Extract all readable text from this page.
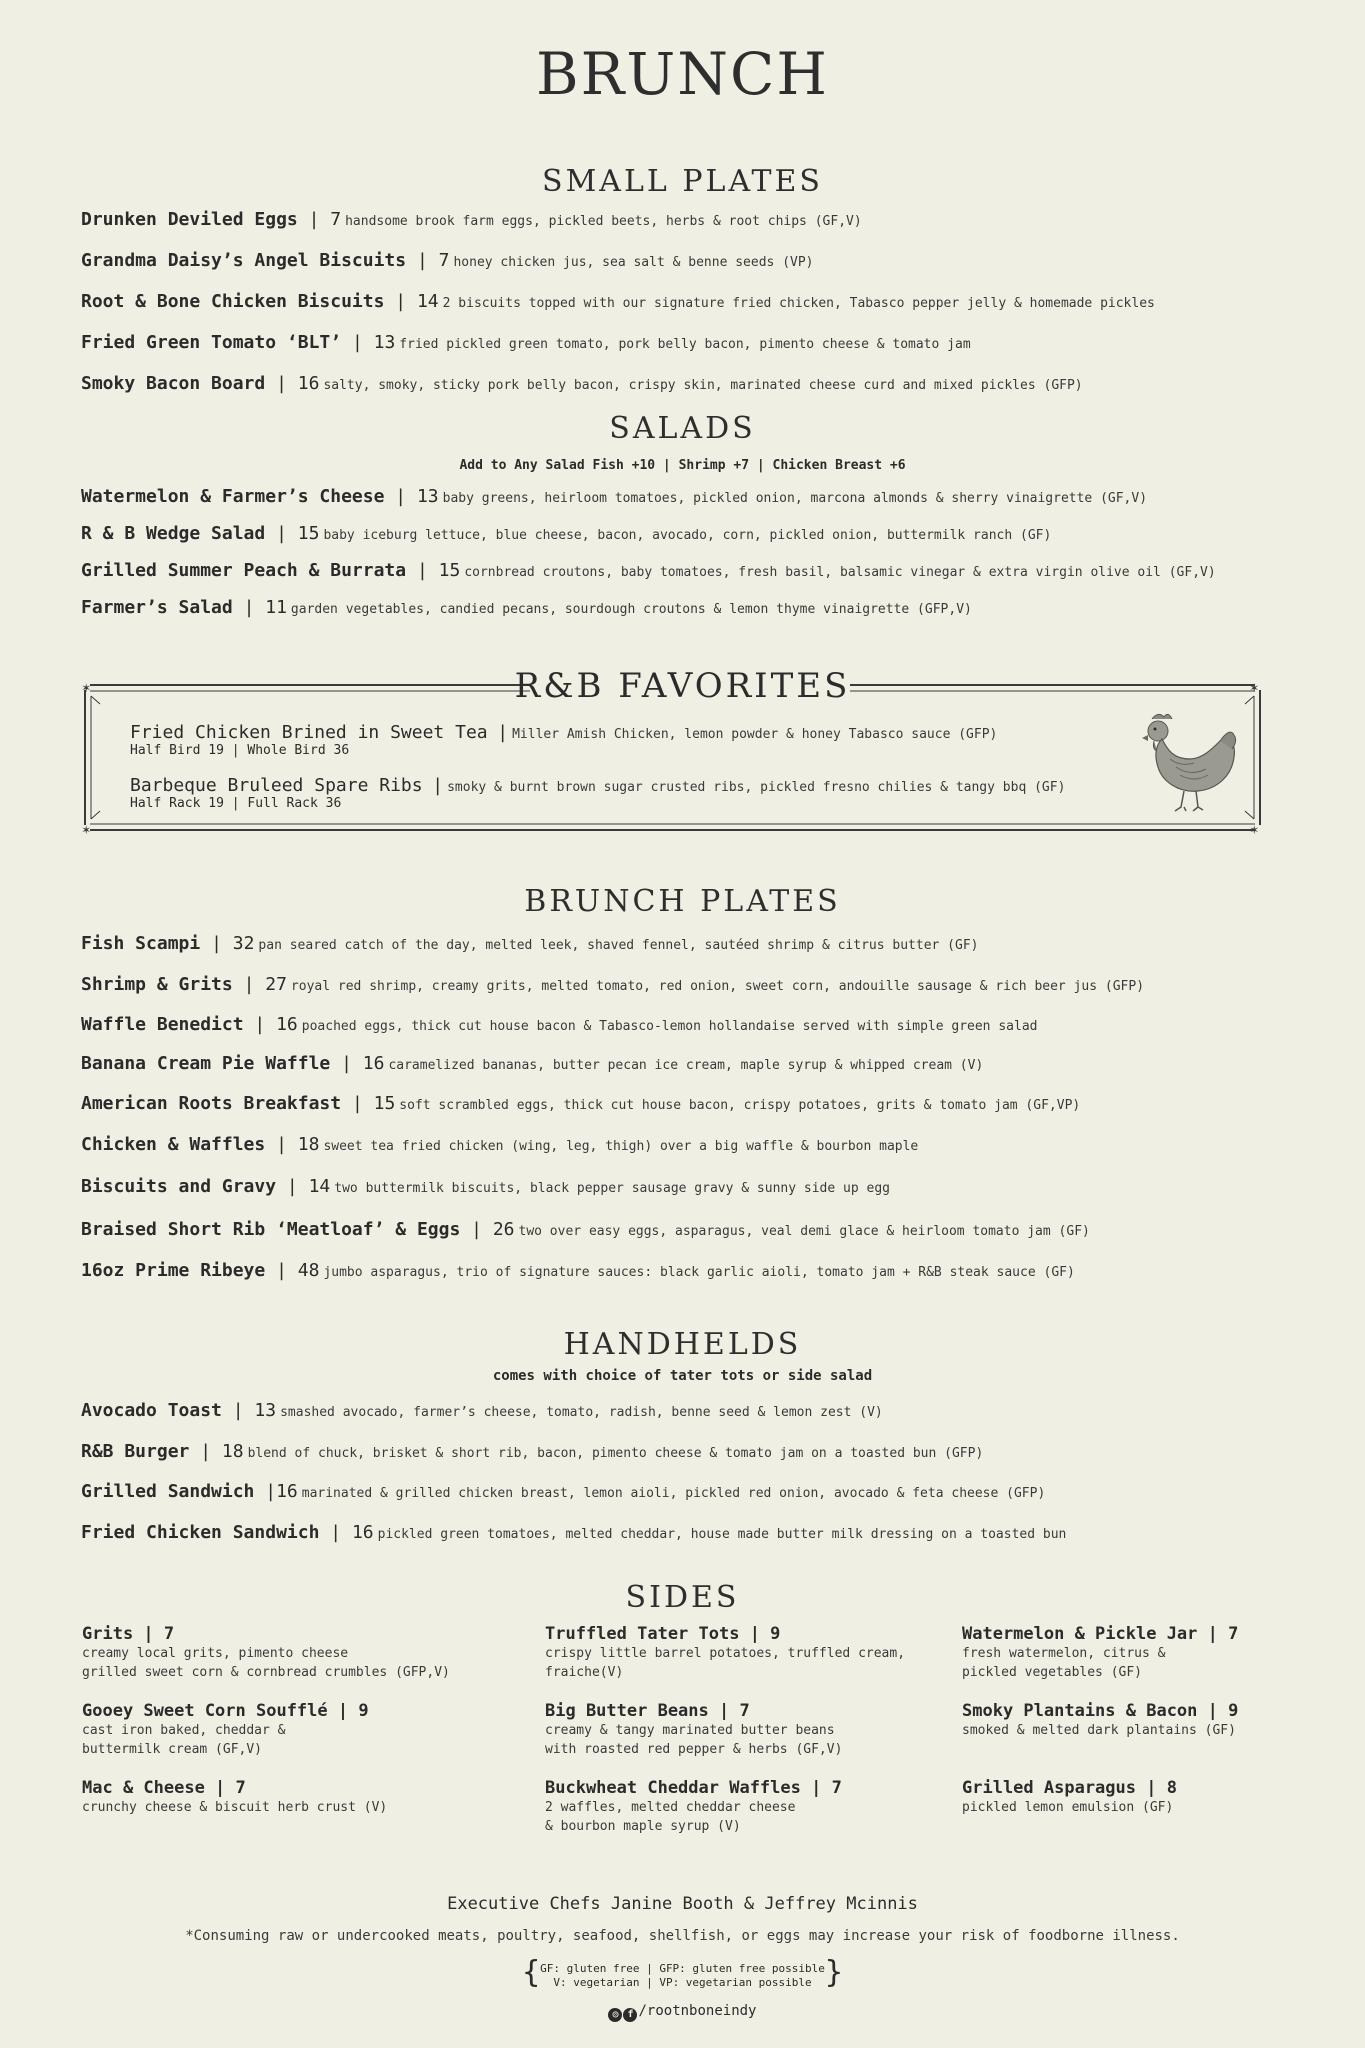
BRUNCH
SMALL PLATES
Drunken Deviled Eggs | 7 handsome brook farm eggs, pickled beets, herbs & root chips (GF,V)
Grandma Daisy’s Angel Biscuits | 7 honey chicken jus, sea salt & benne seeds (VP)
Root & Bone Chicken Biscuits | 14 2 biscuits topped with our signature fried chicken, Tabasco pepper jelly & homemade pickles
Fried Green Tomato ‘BLT’ | 13 fried pickled green tomato, pork belly bacon, pimento cheese & tomato jam
Smoky Bacon Board | 16 salty, smoky, sticky pork belly bacon, crispy skin, marinated cheese curd and mixed pickles (GFP)
SALADS
Add to Any Salad Fish +10 | Shrimp +7 | Chicken Breast +6
Watermelon & Farmer’s Cheese | 13 baby greens, heirloom tomatoes, pickled onion, marcona almonds & sherry vinaigrette (GF,V)
R & B Wedge Salad | 15 baby iceburg lettuce, blue cheese, bacon, avocado, corn, pickled onion, buttermilk ranch (GF)
Grilled Summer Peach & Burrata | 15 cornbread croutons, baby tomatoes, fresh basil, balsamic vinegar & extra virgin olive oil (GF,V)
Farmer’s Salad | 11 garden vegetables, candied pecans, sourdough croutons & lemon thyme vinaigrette (GFP,V)
✶	✶
✶	✶
R&B FAVORITES
Fried Chicken Brined in Sweet Tea | Miller Amish Chicken, lemon powder & honey Tabasco sauce (GFP)
Half Bird 19 | Whole Bird 36
Barbeque Bruleed Spare Ribs | smoky & burnt brown sugar crusted ribs, pickled fresno chilies & tangy bbq (GF)
Half Rack 19 | Full Rack 36
BRUNCH PLATES
Fish Scampi | 32 pan seared catch of the day, melted leek, shaved fennel, sautéed shrimp & citrus butter (GF)
Shrimp & Grits | 27 royal red shrimp, creamy grits, melted tomato, red onion, sweet corn, andouille sausage & rich beer jus (GFP)
Waffle Benedict | 16 poached eggs, thick cut house bacon & Tabasco-lemon hollandaise served with simple green salad
Banana Cream Pie Waffle | 16 caramelized bananas, butter pecan ice cream, maple syrup & whipped cream (V)
American Roots Breakfast | 15 soft scrambled eggs, thick cut house bacon, crispy potatoes, grits & tomato jam (GF,VP)
Chicken & Waffles | 18 sweet tea fried chicken (wing, leg, thigh) over a big waffle & bourbon maple
Biscuits and Gravy | 14 two buttermilk biscuits, black pepper sausage gravy & sunny side up egg
Braised Short Rib ‘Meatloaf’ & Eggs | 26 two over easy eggs, asparagus, veal demi glace & heirloom tomato jam (GF)
16oz Prime Ribeye | 48 jumbo asparagus, trio of signature sauces: black garlic aioli, tomato jam + R&B steak sauce (GF)
HANDHELDS
comes with choice of tater tots or side salad
Avocado Toast | 13 smashed avocado, farmer’s cheese, tomato, radish, benne seed & lemon zest (V)
R&B Burger | 18 blend of chuck, brisket & short rib, bacon, pimento cheese & tomato jam on a toasted bun (GFP)
Grilled Sandwich |16 marinated & grilled chicken breast, lemon aioli, pickled red onion, avocado & feta cheese (GFP)
Fried Chicken Sandwich | 16 pickled green tomatoes, melted cheddar, house made butter milk dressing on a toasted bun
SIDES
Grits | 7
creamy local grits, pimento cheese
grilled sweet corn & cornbread crumbles (GFP,V)
Truffled Tater Tots | 9
crispy little barrel potatoes, truffled cream,
fraiche(V)
Watermelon & Pickle Jar | 7
fresh watermelon, citrus &
pickled vegetables (GF)
Gooey Sweet Corn Soufflé | 9
cast iron baked, cheddar &
buttermilk cream (GF,V)
Big Butter Beans | 7
creamy & tangy marinated butter beans
with roasted red pepper & herbs (GF,V)
Smoky Plantains & Bacon | 9
smoked & melted dark plantains (GF)
Mac & Cheese | 7
crunchy cheese & biscuit herb crust (V)
Buckwheat Cheddar Waffles | 7
2 waffles, melted cheddar cheese
& bourbon maple syrup (V)
Grilled Asparagus | 8
pickled lemon emulsion (GF)
Executive Chefs Janine Booth & Jeffrey Mcinnis
*Consuming raw or undercooked meats, poultry, seafood, shellfish, or eggs may increase your risk of foodborne illness.
{ GF: gluten free | GFP: gluten free possible
V: vegetarian | VP: vegetarian possible }
◎ f /rootnboneindy
